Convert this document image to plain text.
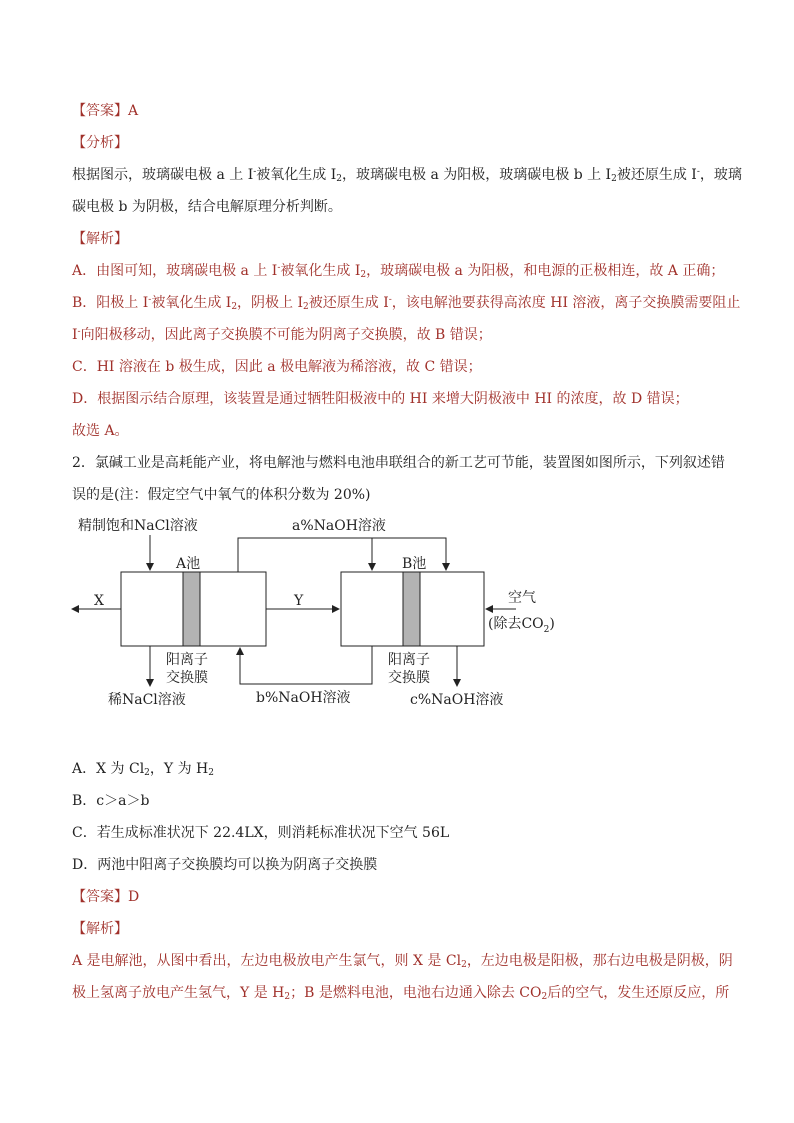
【答案】A
【分析】
根据图示，玻璃碳电极 a 上 I-被氧化生成 $I_2$，玻璃碳电极 a 为阳极，玻璃碳电极 b 上 $I_2$被还原生成 I-，玻璃
碳电极 b 为阴极，结合电解原理分析判断。
【解析】
A．由图可知，玻璃碳电极 a 上 I-被氧化生成 $I_2$，玻璃碳电极 a 为阳极，和电源的正极相连，故 A 正确；
B．阳极上 I-被氧化生成 $I_2$，阴极上 $I_2$被还原生成 I-，该电解池要获得高浓度 HI 溶液，离子交换膜需要阻止
I-向阳极移动，因此离子交换膜不可能为阴离子交换膜，故 B 错误；
C．HI 溶液在 b 极生成，因此 a 极电解液为稀溶液，故 C 错误；
D．根据图示结合原理，该装置是通过牺牲阳极液中的 HI 来增大阴极液中 HI 的浓度，故 D 错误；
故选 A。
2．氯碱工业是高耗能产业，将电解池与燃料电池串联组合的新工艺可节能，装置图如图所示，下列叙述错
误的是(注：假定空气中氧气的体积分数为 20%)
精制饱和NaCl溶液
A池	B池
a%NaOH溶液
X	Y	空气
(除去$CO_2$)
稀NaCl溶液
阳离子
交换膜
b%NaOH溶液	c%NaOH溶液
阳离子
交换膜
A．X 为 $Cl_2$，Y 为 $H_2$
B．c＞a＞b
C．若生成标准状况下 22.4LX，则消耗标准状况下空气 56L
D．两池中阳离子交换膜均可以换为阴离子交换膜
【答案】D
【解析】
A 是电解池，从图中看出，左边电极放电产生氯气，则 X 是 $Cl_2$，左边电极是阳极，那右边电极是阴极，阴
极上氢离子放电产生氢气，Y 是 $H_2$；B 是燃料电池，电池右边通入除去 $CO_2$后的空气，发生还原反应，所
